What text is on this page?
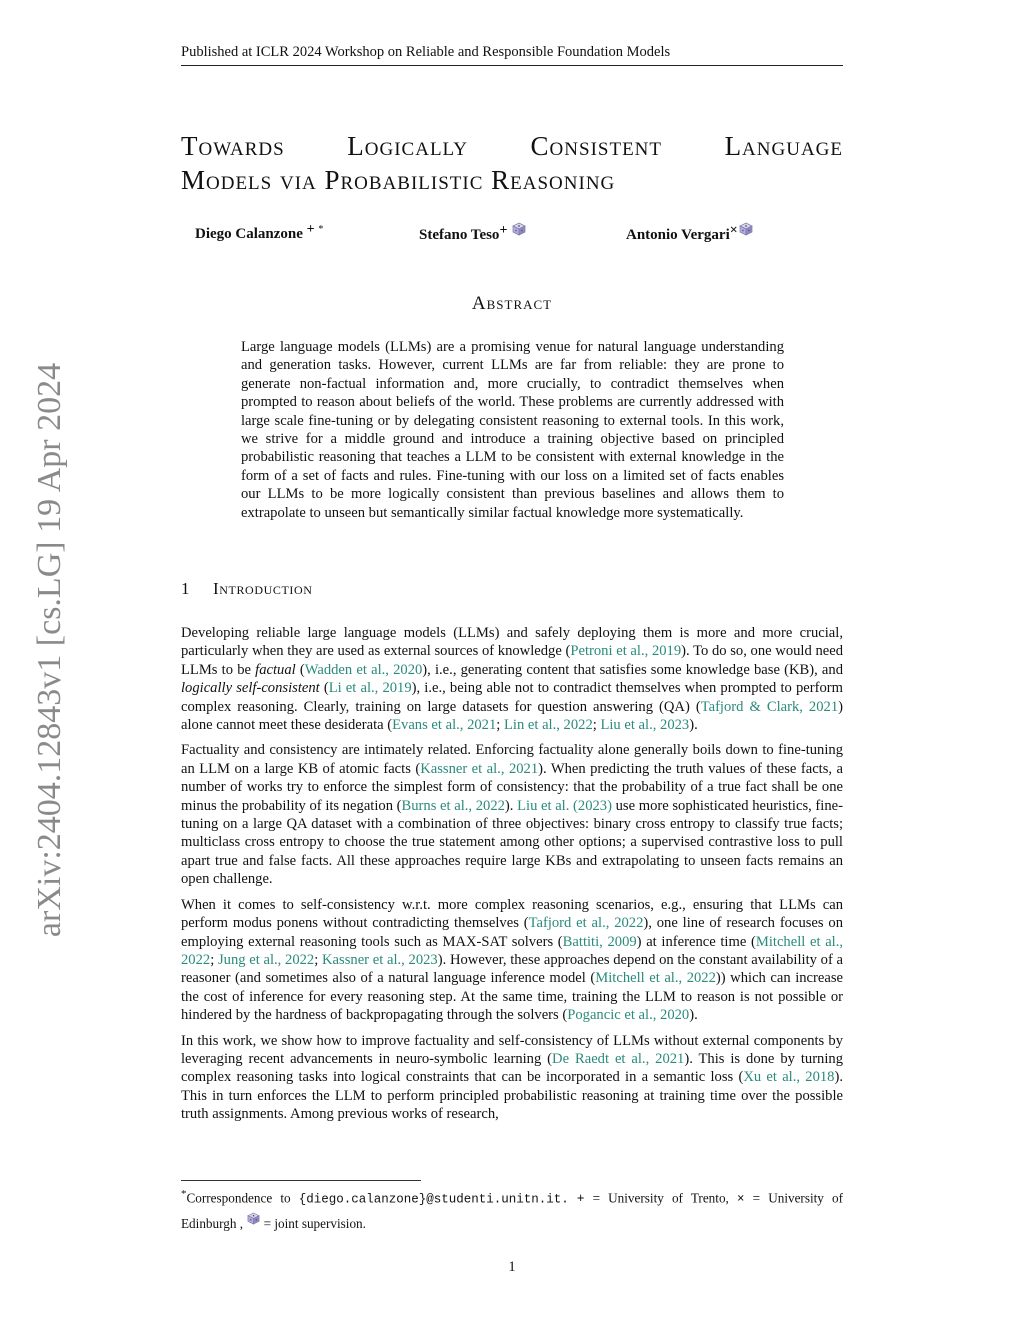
Published at ICLR 2024 Workshop on Reliable and Responsible Foundation Models
arXiv:2404.12843v1 [cs.LG] 19 Apr 2024
Towards Logically Consistent Language
Models via Probabilistic Reasoning
Diego Calanzone + *	Stefano Teso+	Antonio Vergari×
Abstract
Large language models (LLMs) are a promising venue for natural language understanding and generation tasks. However, current LLMs are far from reliable: they are prone to generate non-factual information and, more crucially, to contradict themselves when prompted to reason about beliefs of the world. These problems are currently addressed with large scale fine-tuning or by delegating consistent reasoning to external tools. In this work, we strive for a middle ground and introduce a training objective based on principled probabilistic reasoning that teaches a LLM to be consistent with external knowledge in the form of a set of facts and rules. Fine-tuning with our loss on a limited set of facts enables our LLMs to be more logically consistent than previous baselines and allows them to extrapolate to unseen but semantically similar factual knowledge more systematically.
1 Introduction

Developing reliable large language models (LLMs) and safely deploying them is more and more crucial, particularly when they are used as external sources of knowledge (Petroni et al., 2019). To do so, one would need LLMs to be factual (Wadden et al., 2020), i.e., generating content that satisfies some knowledge base (KB), and logically self-consistent (Li et al., 2019), i.e., being able not to contradict themselves when prompted to perform complex reasoning. Clearly, training on large datasets for question answering (QA) (Tafjord & Clark, 2021) alone cannot meet these desiderata (Evans et al., 2021; Lin et al., 2022; Liu et al., 2023).

Factuality and consistency are intimately related. Enforcing factuality alone generally boils down to fine-tuning an LLM on a large KB of atomic facts (Kassner et al., 2021). When predicting the truth values of these facts, a number of works try to enforce the simplest form of consistency: that the probability of a true fact shall be one minus the probability of its negation (Burns et al., 2022). Liu et al. (2023) use more sophisticated heuristics, fine-tuning on a large QA dataset with a combination of three objectives: binary cross entropy to classify true facts; multiclass cross entropy to choose the true statement among other options; a supervised contrastive loss to pull apart true and false facts. All these approaches require large KBs and extrapolating to unseen facts remains an open challenge.

When it comes to self-consistency w.r.t. more complex reasoning scenarios, e.g., ensuring that LLMs can perform modus ponens without contradicting themselves (Tafjord et al., 2022), one line of research focuses on employing external reasoning tools such as MAX-SAT solvers (Battiti, 2009) at inference time (Mitchell et al., 2022; Jung et al., 2022; Kassner et al., 2023). However, these approaches depend on the constant availability of a reasoner (and sometimes also of a natural language inference model (Mitchell et al., 2022)) which can increase the cost of inference for every reasoning step. At the same time, training the LLM to reason is not possible or hindered by the hardness of backpropagating through the solvers (Pogancic et al., 2020).

In this work, we show how to improve factuality and self-consistency of LLMs without external components by leveraging recent advancements in neuro-symbolic learning (De Raedt et al., 2021). This is done by turning complex reasoning tasks into logical constraints that can be incorporated in a semantic loss (Xu et al., 2018). This in turn enforces the LLM to perform principled probabilistic reasoning at training time over the possible truth assignments. Among previous works of research,

*Correspondence to {diego.calanzone}@studenti.unitn.it. + = University of Trento, × = University of Edinburgh ,  = joint supervision.
1
